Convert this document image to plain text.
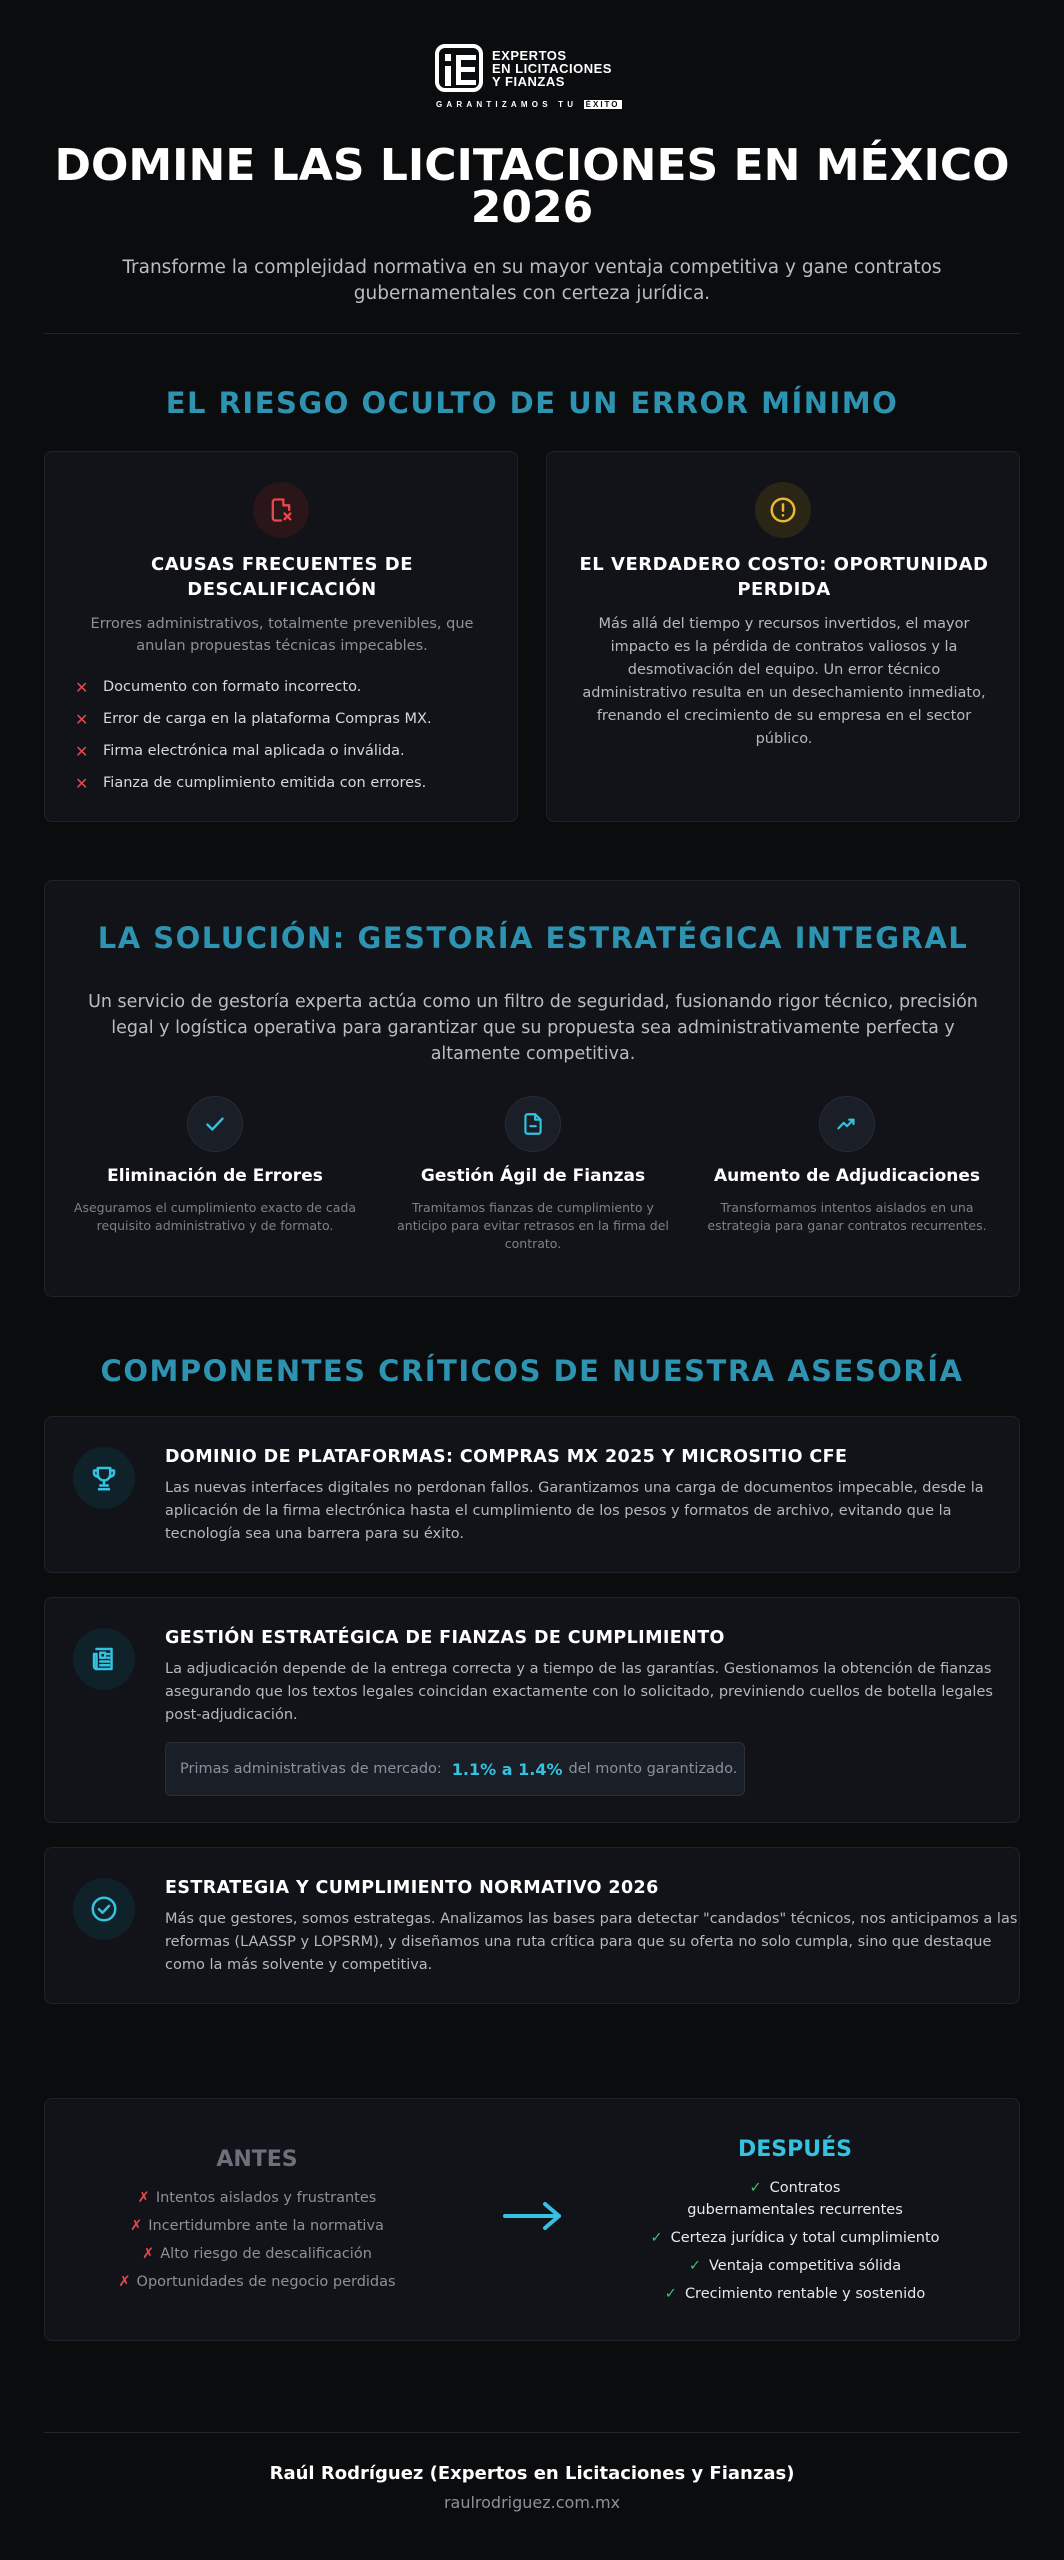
EXPERTOS
EN LICITACIONES
Y FIANZAS
GARANTIZAMOS TU ÉXITO
DOMINE LAS LICITACIONES EN MÉXICO 2026

Transforme la complejidad normativa en su mayor ventaja competitiva y gane contratos gubernamentales con certeza jurídica.

EL RIESGO OCULTO DE UN ERROR MÍNIMO
CAUSAS FRECUENTES DE DESCALIFICACIÓN
Errores administrativos, totalmente prevenibles, que anulan propuestas técnicas impecables.
✕	Documento con formato incorrecto.
✕	Error de carga en la plataforma Compras MX.
✕	Firma electrónica mal aplicada o inválida.
✕	Fianza de cumplimiento emitida con errores.
EL VERDADERO COSTO: OPORTUNIDAD PERDIDA
Más allá del tiempo y recursos invertidos, el mayor impacto es la pérdida de contratos valiosos y la desmotivación del equipo. Un error técnico administrativo resulta en un desechamiento inmediato, frenando el crecimiento de su empresa en el sector público.
LA SOLUCIÓN: GESTORÍA ESTRATÉGICA INTEGRAL

Un servicio de gestoría experta actúa como un filtro de seguridad, fusionando rigor técnico, precisión legal y logística operativa para garantizar que su propuesta sea administrativamente perfecta y altamente competitiva.

Eliminación de Errores
Aseguramos el cumplimiento exacto de cada requisito administrativo y de formato.
Gestión Ágil de Fianzas
Tramitamos fianzas de cumplimiento y anticipo para evitar retrasos en la firma del contrato.
Aumento de Adjudicaciones
Transformamos intentos aislados en una estrategia para ganar contratos recurrentes.
COMPONENTES CRÍTICOS DE NUESTRA ASESORÍA
DOMINIO DE PLATAFORMAS: COMPRAS MX 2025 Y MICROSITIO CFE
Las nuevas interfaces digitales no perdonan fallos. Garantizamos una carga de documentos impecable, desde la aplicación de la firma electrónica hasta el cumplimiento de los pesos y formatos de archivo, evitando que la tecnología sea una barrera para su éxito.
GESTIÓN ESTRATÉGICA DE FIANZAS DE CUMPLIMIENTO
La adjudicación depende de la entrega correcta y a tiempo de las garantías. Gestionamos la obtención de fianzas asegurando que los textos legales coincidan exactamente con lo solicitado, previniendo cuellos de botella legales post-adjudicación.
Primas administrativas de mercado: 1.1% a 1.4% del monto garantizado.
ESTRATEGIA Y CUMPLIMIENTO NORMATIVO 2026
Más que gestores, somos estrategas. Analizamos las bases para detectar "candados" técnicos, nos anticipamos a las reformas (LAASSP y LOPSRM), y diseñamos una ruta crítica para que su oferta no solo cumpla, sino que destaque como la más solvente y competitiva.
ANTES
✗ Intentos aislados y frustrantes
✗ Incertidumbre ante la normativa
✗ Alto riesgo de descalificación
✗ Oportunidades de negocio perdidas
DESPUÉS
✓ Contratos gubernamentales recurrentes
✓ Certeza jurídica y total cumplimiento
✓ Ventaja competitiva sólida
✓ Crecimiento rentable y sostenido
Raúl Rodríguez (Expertos en Licitaciones y Fianzas)
raulrodriguez.com.mx
